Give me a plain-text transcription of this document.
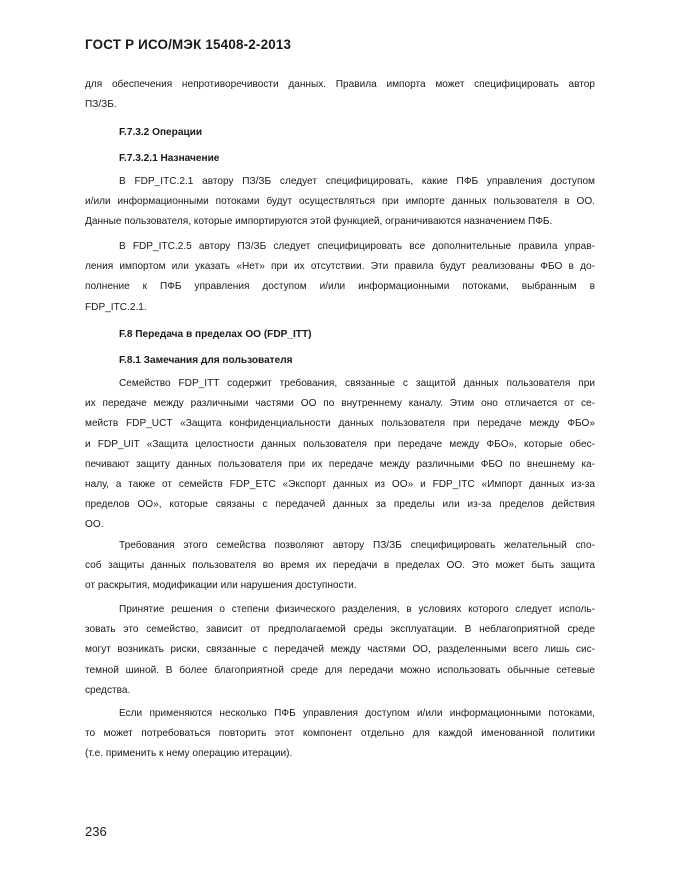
ГОСТ Р ИСО/МЭК 15408-2-2013
для обеспечения непротиворечивости данных. Правила импорта может специфицировать автор
ПЗ/ЗБ.
F.7.3.2 Операции
F.7.3.2.1 Назначение
В FDP_ITC.2.1 автору ПЗ/ЗБ следует специфицировать, какие ПФБ управления доступом
и/или информационными потоками будут осуществляться при импорте данных пользователя в ОО.
Данные пользователя, которые импортируются этой функцией, ограничиваются назначением ПФБ.
В FDP_ITC.2.5 автору ПЗ/ЗБ следует специфицировать все дополнительные правила управ-
ления импортом или указать «Нет» при их отсутствии. Эти правила будут реализованы ФБО в до-
полнение к ПФБ управления доступом и/или информационными потоками, выбранным в
FDP_ITC.2.1.
F.8 Передача в пределах ОО (FDP_ITT)
F.8.1 Замечания для пользователя
Семейство FDP_ITT содержит требования, связанные с защитой данных пользователя при
их передаче между различными частями ОО по внутреннему каналу. Этим оно отличается от се-
мейств FDP_UCT «Защита конфиденциальности данных пользователя при передаче между ФБО»
и FDP_UIT «Защита целостности данных пользователя при передаче между ФБО», которые обес-
печивают защиту данных пользователя при их передаче между различными ФБО по внешнему ка-
налу, а также от семейств FDP_ETC «Экспорт данных из ОО» и FDP_ITC «Импорт данных из-за
пределов ОО», которые связаны с передачей данных за пределы или из-за пределов действия
ОО.
Требования этого семейства позволяют автору ПЗ/ЗБ специфицировать желательный спо-
соб защиты данных пользователя во время их передачи в пределах ОО. Это может быть защита
от раскрытия, модификации или нарушения доступности.
Принятие решения о степени физического разделения, в условиях которого следует исполь-
зовать это семейство, зависит от предполагаемой среды эксплуатации. В неблагоприятной среде
могут возникать риски, связанные с передачей между частями ОО, разделенными всего лишь сис-
темной шиной. В более благоприятной среде для передачи можно использовать обычные сетевые
средства.
Если применяются несколько ПФБ управления доступом и/или информационными потоками,
то может потребоваться повторить этот компонент отдельно для каждой именованной политики
(т.е. применить к нему операцию итерации).
236
